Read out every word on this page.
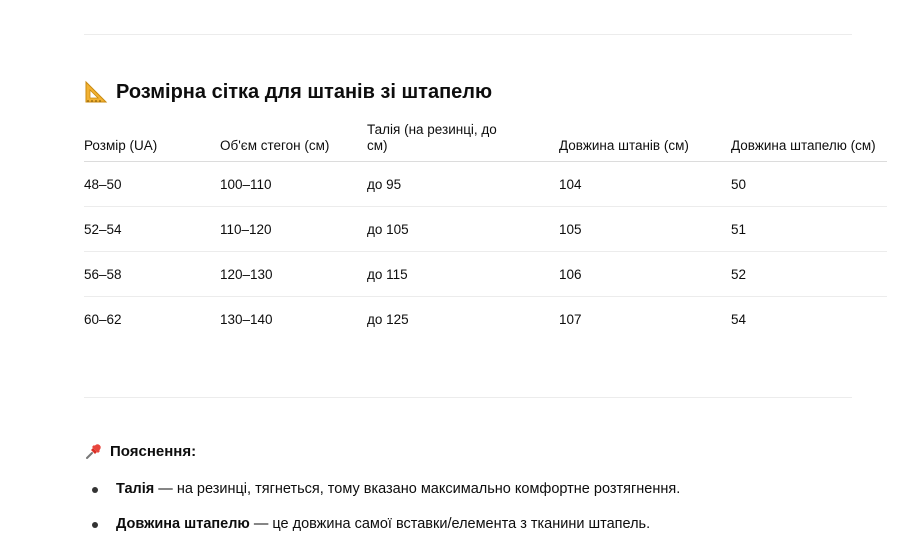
Розмірна сітка для штанів зі штапелю
Розмір (UA)	Об'єм стегон (см)	Талія (на резинці, до см)	Довжина штанів (см)	Довжина штапелю (см)
48–50	100–110	до 95	104	50
52–54	110–120	до 105	105	51
56–58	120–130	до 115	106	52
60–62	130–140	до 125	107	54
Пояснення:
Талія — на резинці, тягнеться, тому вказано максимально комфортне розтягнення.
Довжина штапелю — це довжина самої вставки/елемента з тканини штапель.
